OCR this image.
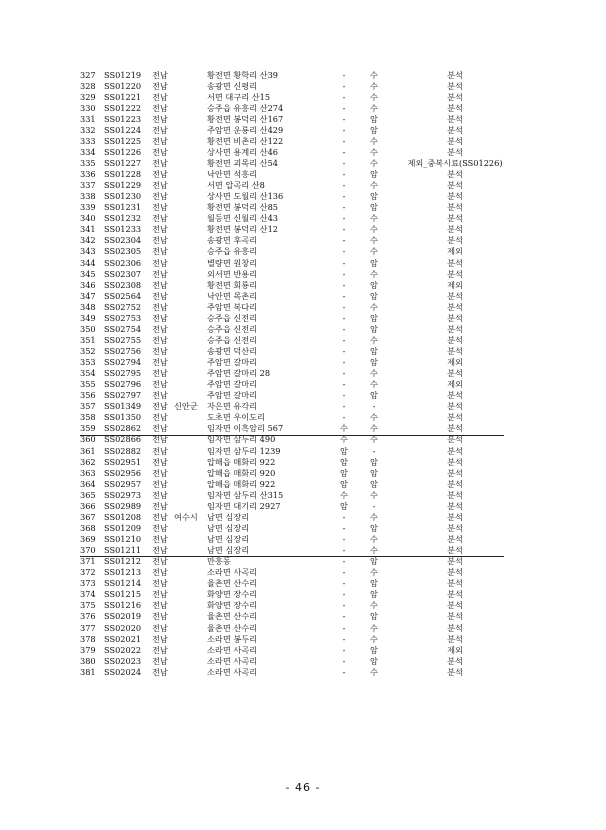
327	SS01219 전남	황전면 황학리 산39	-	수	분석
328	SS01220 전남	송광면 신평리	-	수	분석
329	SS01221 전남	서면 대구리 산15	-	수	분석
330	SS01222 전남	승주읍 유흥리 산274	-	수	분석
331	SS01223 전남	황전면 봉덕리 산167	-	암	분석
332	SS01224 전남	주암면 운룡리 산429	-	암	분석
333	SS01225 전남	황전면 비촌리 산122	-	수	분석
334	SS01226 전남	상사면 용계리 산46	-	수	분석
335	SS01227 전남	황전면 괴목리 산54	-	수	제외_중복시료(SS01226)
336	SS01228 전남	낙안면 석흥리	-	암	분석
337	SS01229 전남	서면 압곡리 산8	-	수	분석
338	SS01230 전남	상사면 도월리 산136	-	암	분석
339	SS01231 전남	황전면 봉덕리 산85	-	암	분석
340	SS01232 전남	월등면 신월리 산43	-	수	분석
341	SS01233 전남	황전면 봉덕리 산12	-	수	분석
342	SS02304 전남	송광면 후곡리	-	수	분석
343	SS02305 전남	승주읍 유흥리	-	수	제외
344	SS02306 전남	별량면 원창리	-	암	분석
345	SS02307 전남	외서면 반용리	-	수	분석
346	SS02308 전남	황전면 회룡리	-	암	제외
347	SS02564 전남	낙안면 목촌리	-	암	분석
348	SS02752 전남	주암면 복다리	-	수	분석
349	SS02753 전남	승주읍 신전리	-	암	분석
350	SS02754 전남	승주읍 신전리	-	암	분석
351	SS02755 전남	승주읍 신전리	-	수	분석
352	SS02756 전남	송광면 덕산리	-	암	분석
353	SS02794 전남	주암면 갈마리	-	암	제외
354	SS02795 전남	주암면 갈마리 28	-	수	분석
355	SS02796 전남	주암면 갈마리	-	수	제외
356	SS02797 전남	주암면 갈마리	-	암	분석
357	SS01349 전남 신안군 자은면 유각리	-	-	분석
358	SS01350 전남	도초면 우이도리	-	수	분석
359	SS02862 전남	임자면 이흑암리 567	수	수	분석
360	SS02866 전남	임자면 삼두리 490	수	수	분석
361	SS02882 전남	임자면 삼두리 1239	암	-	분석
362	SS02951 전남	압해읍 매화리 922	암	암	분석
363	SS02956 전남	압해읍 매화리 920	암	암	분석
364	SS02957 전남	압해읍 매화리 922	암	암	분석
365	SS02973 전남	임자면 삼두리 산315	수	수	분석
366	SS02989 전남	임자면 대기리 2927	암	-	분석
367	SS01208 전남 여수시 남면 심장리	-	수	분석
368	SS01209 전남	남면 심장리	-	암	분석
369	SS01210 전남	남면 심장리	-	수	분석
370	SS01211 전남	남면 심장리	-	수	분석
371	SS01212 전남	만흥동	-	암	분석
372	SS01213 전남	소라면 사곡리	-	수	분석
373	SS01214 전남	율촌면 산수리	-	암	분석
374	SS01215 전남	화양면 장수리	-	암	분석
375	SS01216 전남	화양면 장수리	-	수	분석
376	SS02019 전남	율촌면 산수리	-	암	분석
377	SS02020 전남	율촌면 산수리	-	수	분석
378	SS02021 전남	소라면 봉두리	-	수	분석
379	SS02022 전남	소라면 사곡리	-	암	제외
380	SS02023 전남	소라면 사곡리	-	암	분석
381	SS02024 전남	소라면 사곡리	-	수	분석
- 46 -
